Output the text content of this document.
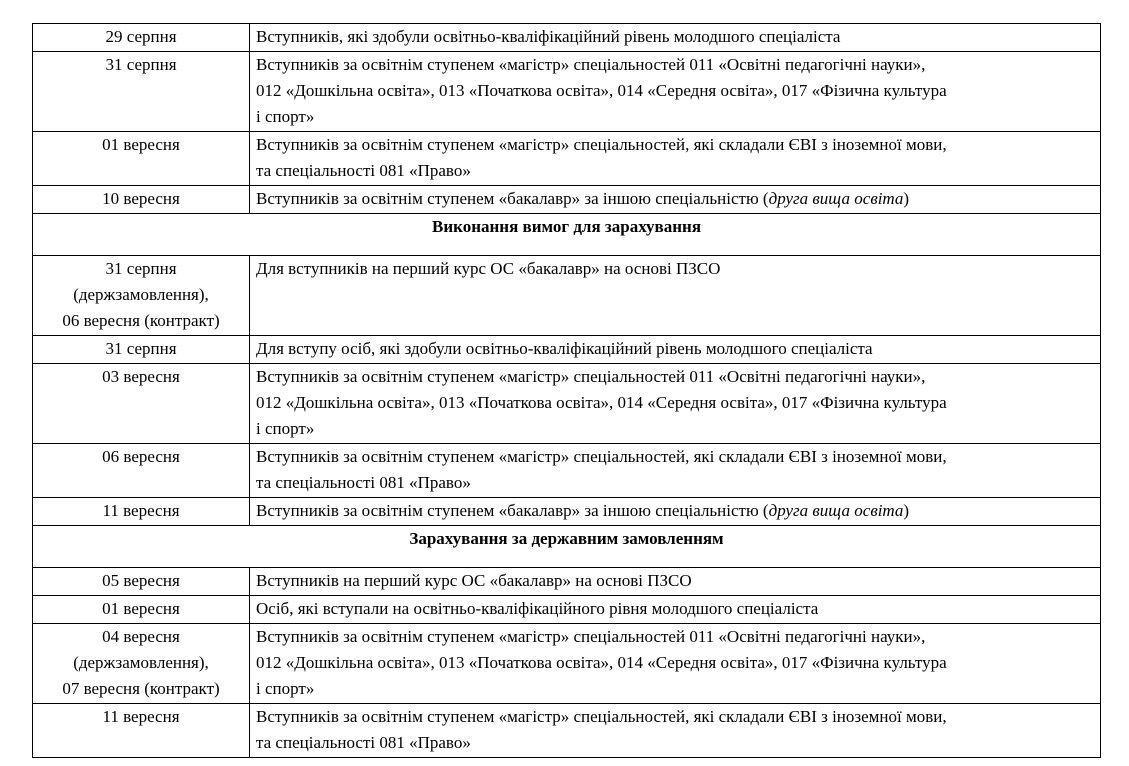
29 серпня	Вступників, які здобули освітньо-кваліфікаційний рівень молодшого спеціаліста

31 серпня	Вступників за освітнім ступенем «магістр» спеціальностей 011 «Освітні педагогічні науки»,
012 «Дошкільна освіта», 013 «Початкова освіта», 014 «Середня освіта», 017 «Фізична культура
і спорт»

01 вересня	Вступників за освітнім ступенем «магістр» спеціальностей, які складали ЄВІ з іноземної мови,
та спеціальності 081 «Право»

10 вересня	Вступників за освітнім ступенем «бакалавр» за іншою спеціальністю (друга вища освіта)

Виконання вимог для зарахування	

31 серпня
(держзамовлення),
06 вересня (контракт)	Для вступників на перший курс ОС «бакалавр» на основі ПЗСО

31 серпня	Для вступу осіб, які здобули освітньо-кваліфікаційний рівень молодшого спеціаліста

03 вересня	Вступників за освітнім ступенем «магістр» спеціальностей 011 «Освітні педагогічні науки»,
012 «Дошкільна освіта», 013 «Початкова освіта», 014 «Середня освіта», 017 «Фізична культура
і спорт»

06 вересня	Вступників за освітнім ступенем «магістр» спеціальностей, які складали ЄВІ з іноземної мови,
та спеціальності 081 «Право»

11 вересня	Вступників за освітнім ступенем «бакалавр» за іншою спеціальністю (друга вища освіта)

Зарахування за державним замовленням	

05 вересня	Вступників на перший курс ОС «бакалавр» на основі ПЗСО

01 вересня	Осіб, які вступали на освітньо-кваліфікаційного рівня молодшого спеціаліста

04 вересня
(держзамовлення),
07 вересня (контракт)	Вступників за освітнім ступенем «магістр» спеціальностей 011 «Освітні педагогічні науки»,
012 «Дошкільна освіта», 013 «Початкова освіта», 014 «Середня освіта», 017 «Фізична культура
і спорт»

11 вересня	Вступників за освітнім ступенем «магістр» спеціальностей, які складали ЄВІ з іноземної мови,
та спеціальності 081 «Право»
